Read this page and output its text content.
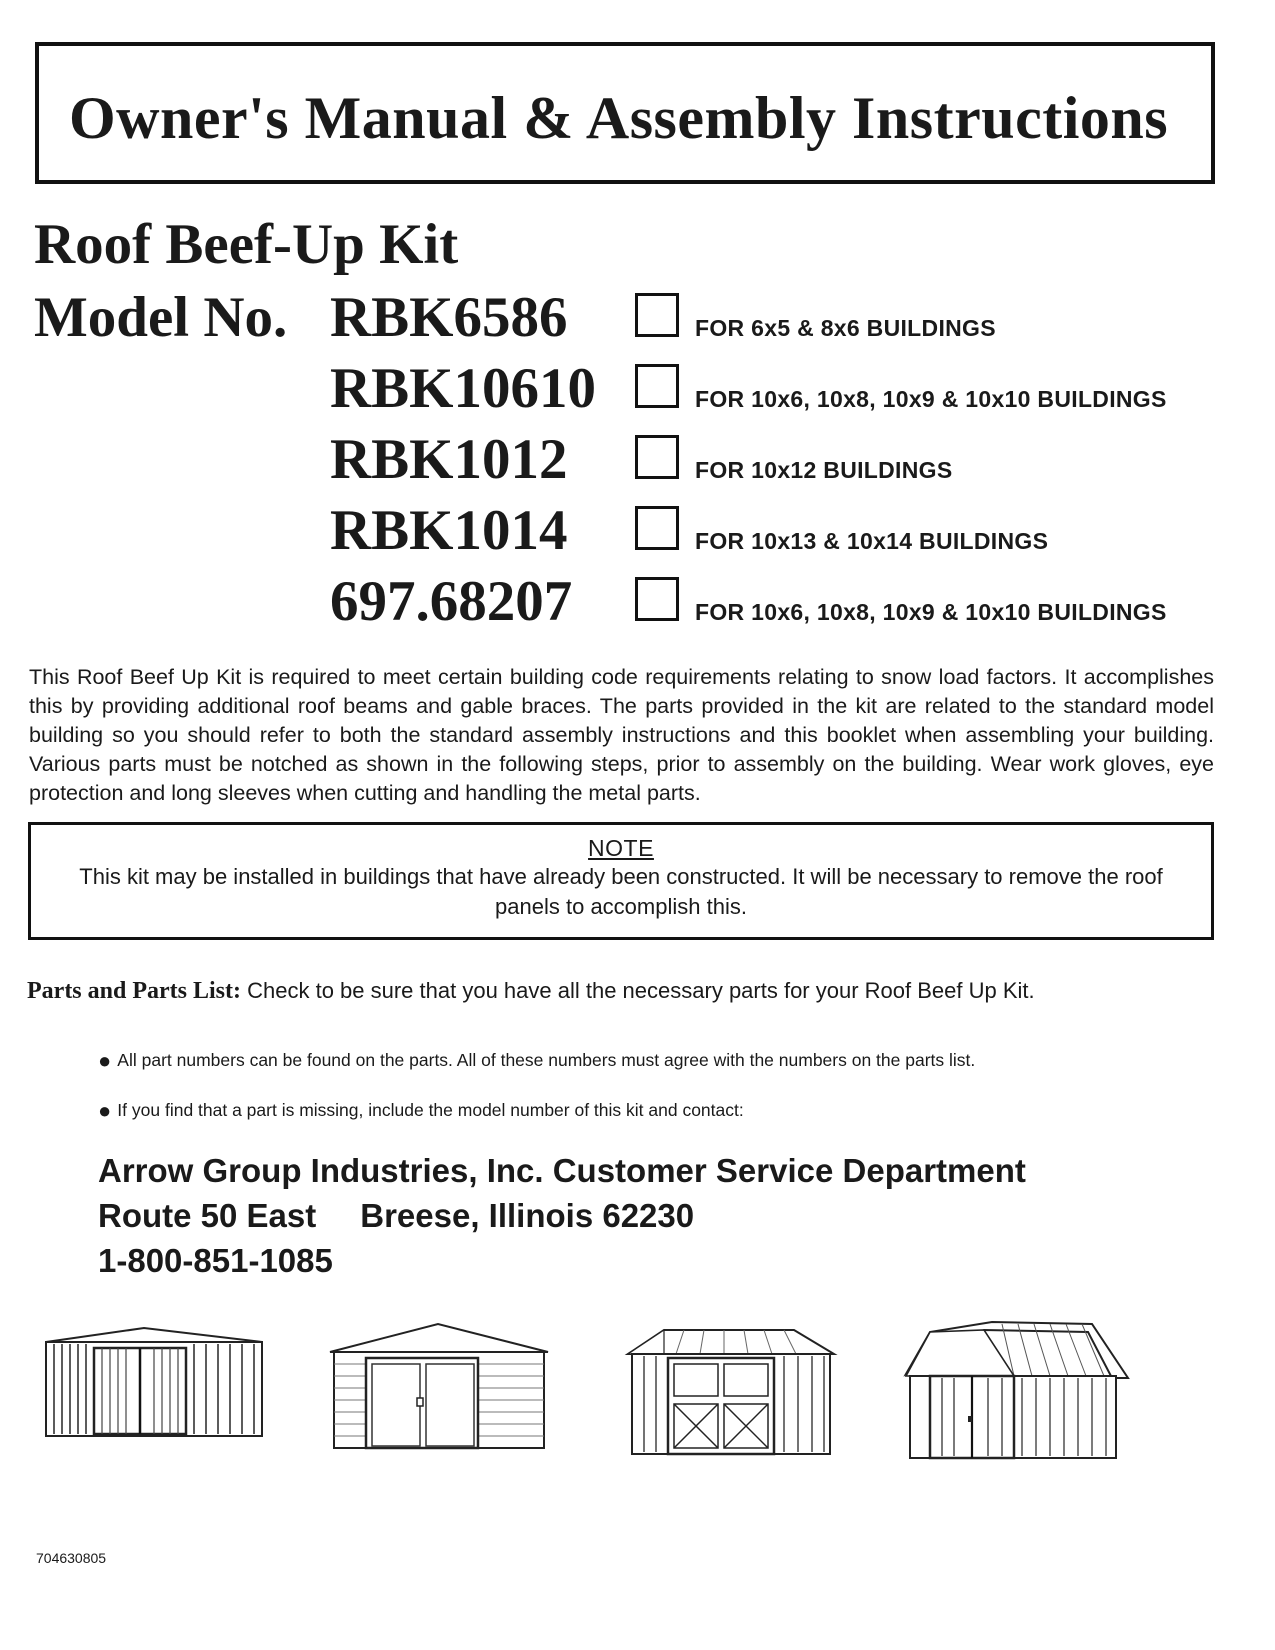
Owner's Manual & Assembly Instructions
Roof Beef-Up Kit
Model No. RBK6586	FOR 6x5 & 8x6 BUILDINGS
RBK10610	FOR 10x6, 10x8, 10x9 & 10x10 BUILDINGS
RBK1012	FOR 10x12 BUILDINGS
RBK1014	FOR 10x13 & 10x14 BUILDINGS
697.68207	FOR 10x6, 10x8, 10x9 & 10x10 BUILDINGS

This Roof Beef Up Kit is required to meet certain building code requirements relating to snow load factors. It accomplishes this by providing additional roof beams and gable braces. The parts provided in the kit are related to the standard model building so you should refer to both the standard assembly instructions and this booklet when assembling your building. Various parts must be notched as shown in the following steps, prior to assembly on the building. Wear work gloves, eye protection and long sleeves when cutting and handling the metal parts.

NOTE
This kit may be installed in buildings that have already been constructed. It will be necessary to remove the roof panels to accomplish this.
Parts and Parts List: Check to be sure that you have all the necessary parts for your Roof Beef Up Kit.
● All part numbers can be found on the parts. All of these numbers must agree with the numbers on the parts list.
● If you find that a part is missing, include the model number of this kit and contact:
Arrow Group Industries, Inc. Customer Service Department
Route 50 East Breese, Illinois 62230
1-800-851-1085
704630805
